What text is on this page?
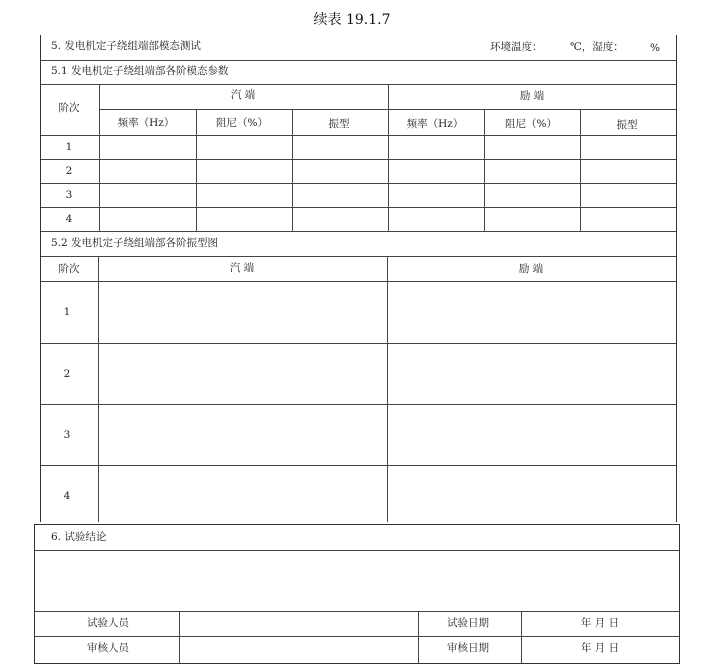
续表 19.1.7
5. 发电机定子绕组端部模态测试	环境温度：	℃，湿度：	%
5.1 发电机定子绕组端部各阶模态参数
阶次
汽 端	励 端
频率（Hz）	阻尼（%）	振型	频率（Hz）	阻尼（%）	振型
1
2
3
4
5.2 发电机定子绕组端部各阶振型图
阶次	汽 端	励 端
1
2
3
4
6. 试验结论
试验人员	试验日期	年 月 日
审核人员	审核日期	年 月 日
